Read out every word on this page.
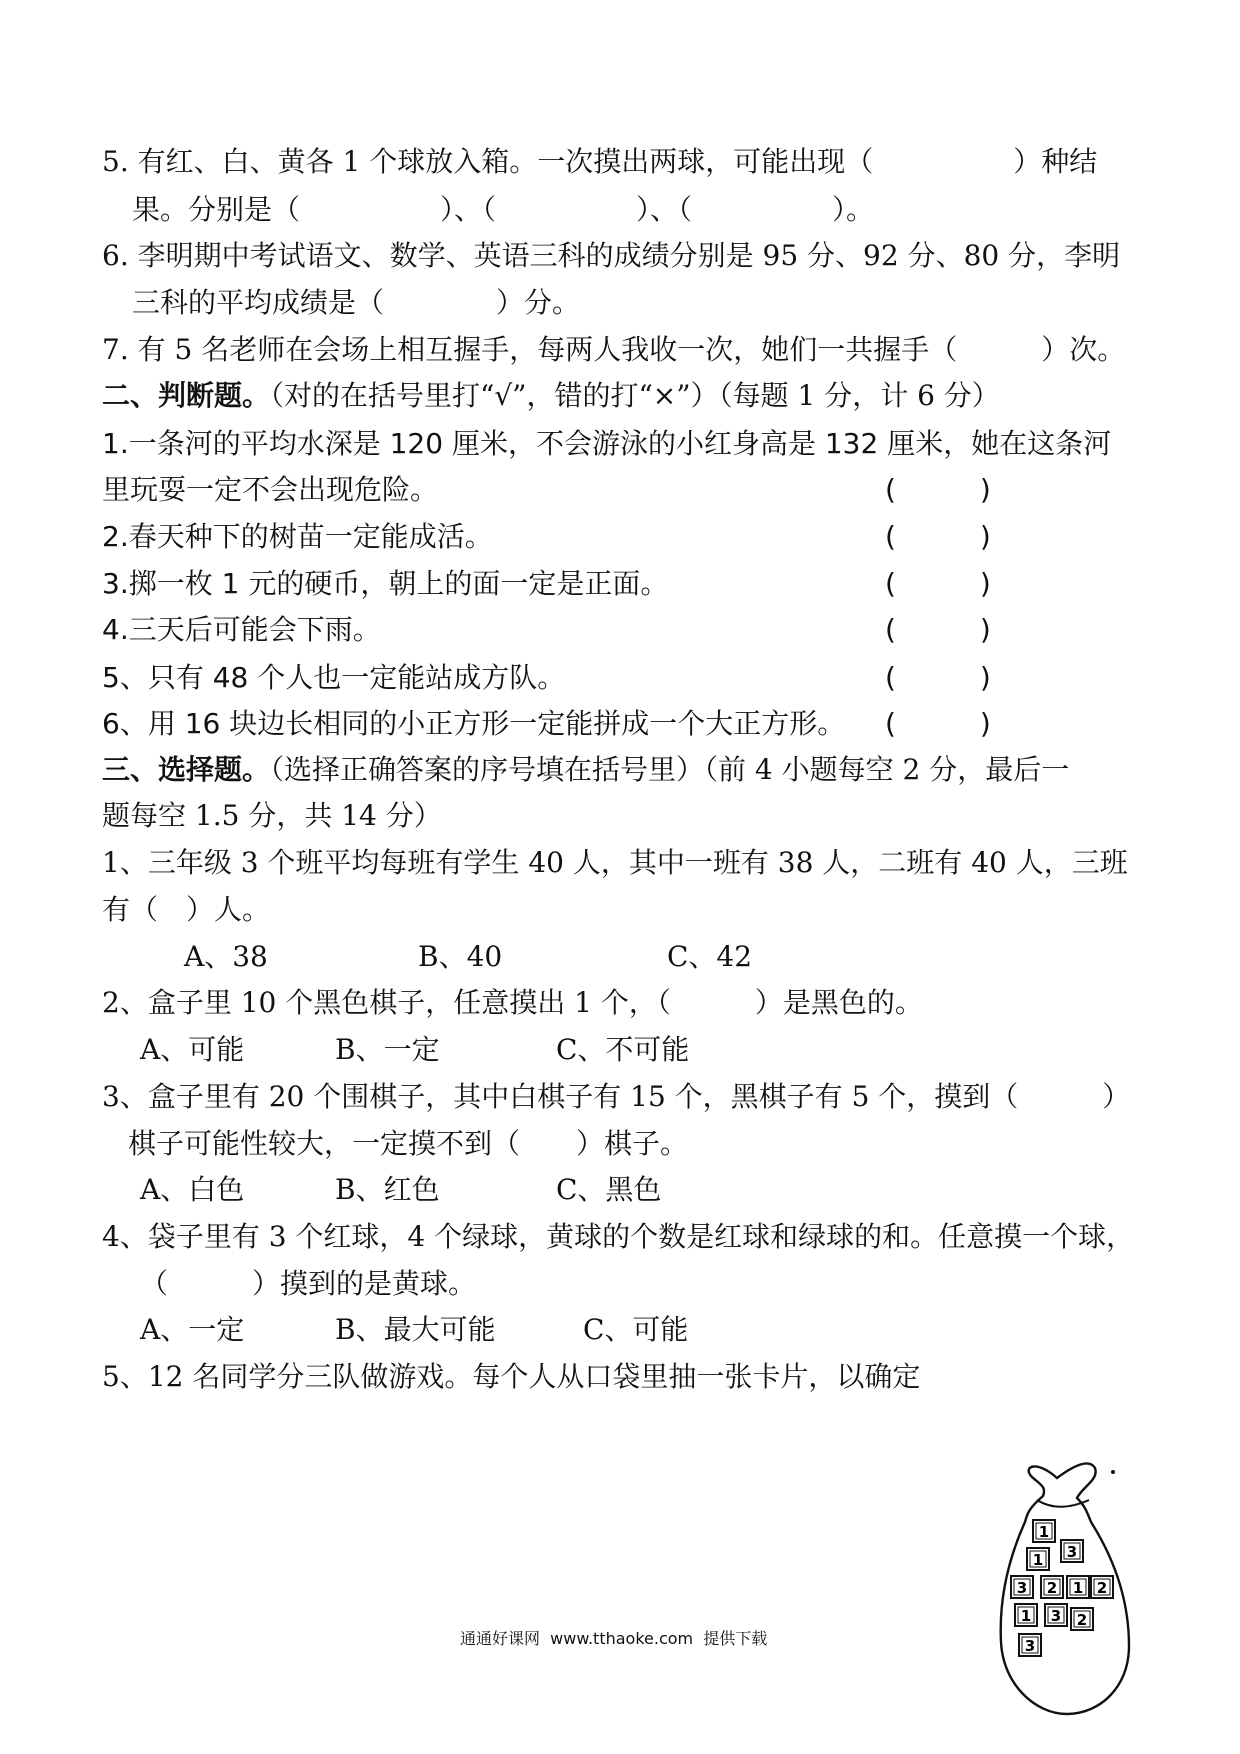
5. 有红、白、黄各 1 个球放入箱。一次摸出两球，可能出现（　　　　　）种结
果。分别是（　　　　　）、（　　　　　）、（　　　　　）。
6. 李明期中考试语文、数学、英语三科的成绩分别是 95 分、92 分、80 分，李明
三科的平均成绩是（　　　　）分。
7. 有 5 名老师在会场上相互握手，每两人我收一次，她们一共握手（　　　）次。
二、判断题。（对的在括号里打“√”，错的打“×”）（每题 1 分，计 6 分）
1.一条河的平均水深是 120 厘米，不会游泳的小红身高是 132 厘米，她在这条河
里玩耍一定不会出现危险。	(　　　)
2.春天种下的树苗一定能成活。	(　　　)
3.掷一枚 1 元的硬币，朝上的面一定是正面。	(　　　)
4.三天后可能会下雨。	(　　　)
5、只有 48 个人也一定能站成方队。	(　　　)
6、用 16 块边长相同的小正方形一定能拼成一个大正方形。 (　　　)
三、选择题。（选择正确答案的序号填在括号里）（前 4 小题每空 2 分，最后一
题每空 1.5 分，共 14 分）
1、三年级 3 个班平均每班有学生 40 人，其中一班有 38 人，二班有 40 人，三班
有（　）人。
A、38	B、40	C、42
2、盒子里 10 个黑色棋子，任意摸出 1 个，（　　　）是黑色的。
A、可能	B、一定	C、不可能
3、盒子里有 20 个围棋子，其中白棋子有 15 个，黑棋子有 5 个，摸到（　　　）
棋子可能性较大，一定摸不到（　　）棋子。
A、白色	B、红色	C、黑色
4、袋子里有 3 个红球，4 个绿球，黄球的个数是红球和绿球的和。任意摸一个球，
（　　　）摸到的是黄球。
A、一定	B、最大可能	C、可能
5、12 名同学分三队做游戏。每个人从口袋里抽一张卡片，以确定
1
1 3
3 2 1 2
1 3 2
3
通通好课网  www.tthaoke.com  提供下载
